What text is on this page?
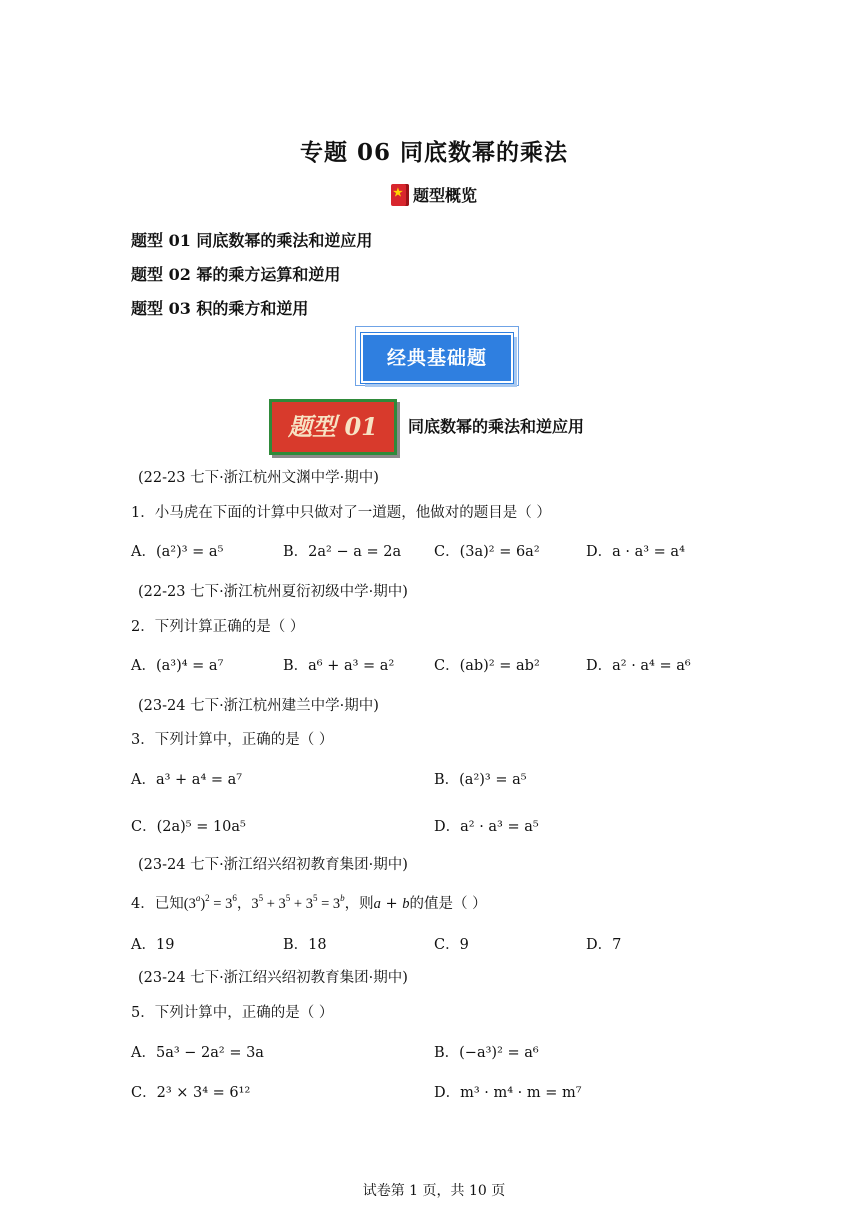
专题 06 同底数幂的乘法
★题型概览
题型 01 同底数幂的乘法和逆应用
题型 02 幂的乘方运算和逆用
题型 03 积的乘方和逆用
经典基础题
题型 01	同底数幂的乘法和逆应用
(22-23 七下·浙江杭州文渊中学·期中)
1．小马虎在下面的计算中只做对了一道题，他做对的题目是（ ）
A．(a²)³ = a⁵	B．2a² − a = 2a C．(3a)² = 6a²	D．a · a³ = a⁴
(22-23 七下·浙江杭州夏衍初级中学·期中)
2．下列计算正确的是（ ）
A．(a³)⁴ = a⁷	B．a⁶ + a³ = a²	C．(ab)² = ab²	D．a² · a⁴ = a⁶
(23-24 七下·浙江杭州建兰中学·期中)
3．下列计算中，正确的是（ ）
A．a³ + a⁴ = a⁷	B．(a²)³ = a⁵
C．(2a)⁵ = 10a⁵	D．a² · a³ = a⁵
(23-24 七下·浙江绍兴绍初教育集团·期中)
4．已知$(3^a)^2 = 3^6$，$3^5 + 3^5 + 3^5 = 3^b$，则a + b的值是（ ）
A．19	B．18	C．9	D．7
(23-24 七下·浙江绍兴绍初教育集团·期中)
5．下列计算中，正确的是（ ）
A．5a³ − 2a² = 3a	B．(−a³)² = a⁶
C．2³ × 3⁴ = 6¹²	D．m³ · m⁴ · m = m⁷
试卷第 1 页，共 10 页
